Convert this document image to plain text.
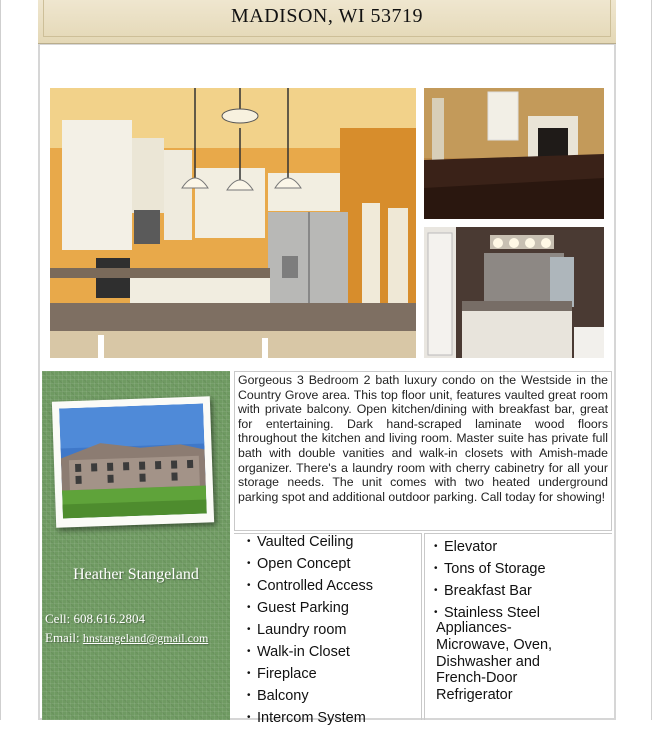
MADISON, WI 53719
Heather Stangeland
Cell: 608.616.2804
Email: hnstangeland@gmail.com

Gorgeous 3 Bedroom 2 bath luxury condo on the Westside in the Country Grove area. This top floor unit, features vaulted great room with private balcony. Open kitchen/dining with breakfast bar, great for entertaining. Dark hand-scraped laminate wood floors throughout the kitchen and living room. Master suite has private full bath with double vanities and walk-in closets with Amish-made organizer. There's a laundry room with cherry cabinetry for all your storage needs. The unit comes with two heated underground parking spot and additional outdoor parking. Call today for showing!

• Vaulted Ceiling
• Open Concept
• Controlled Access
• Guest Parking
• Laundry room
• Walk-in Closet
• Fireplace
• Balcony
• Intercom System
• Elevator
• Tons of Storage
• Breakfast Bar
• Stainless Steel
Appliances- Microwave, Oven, Dishwasher and French-Door Refrigerator
